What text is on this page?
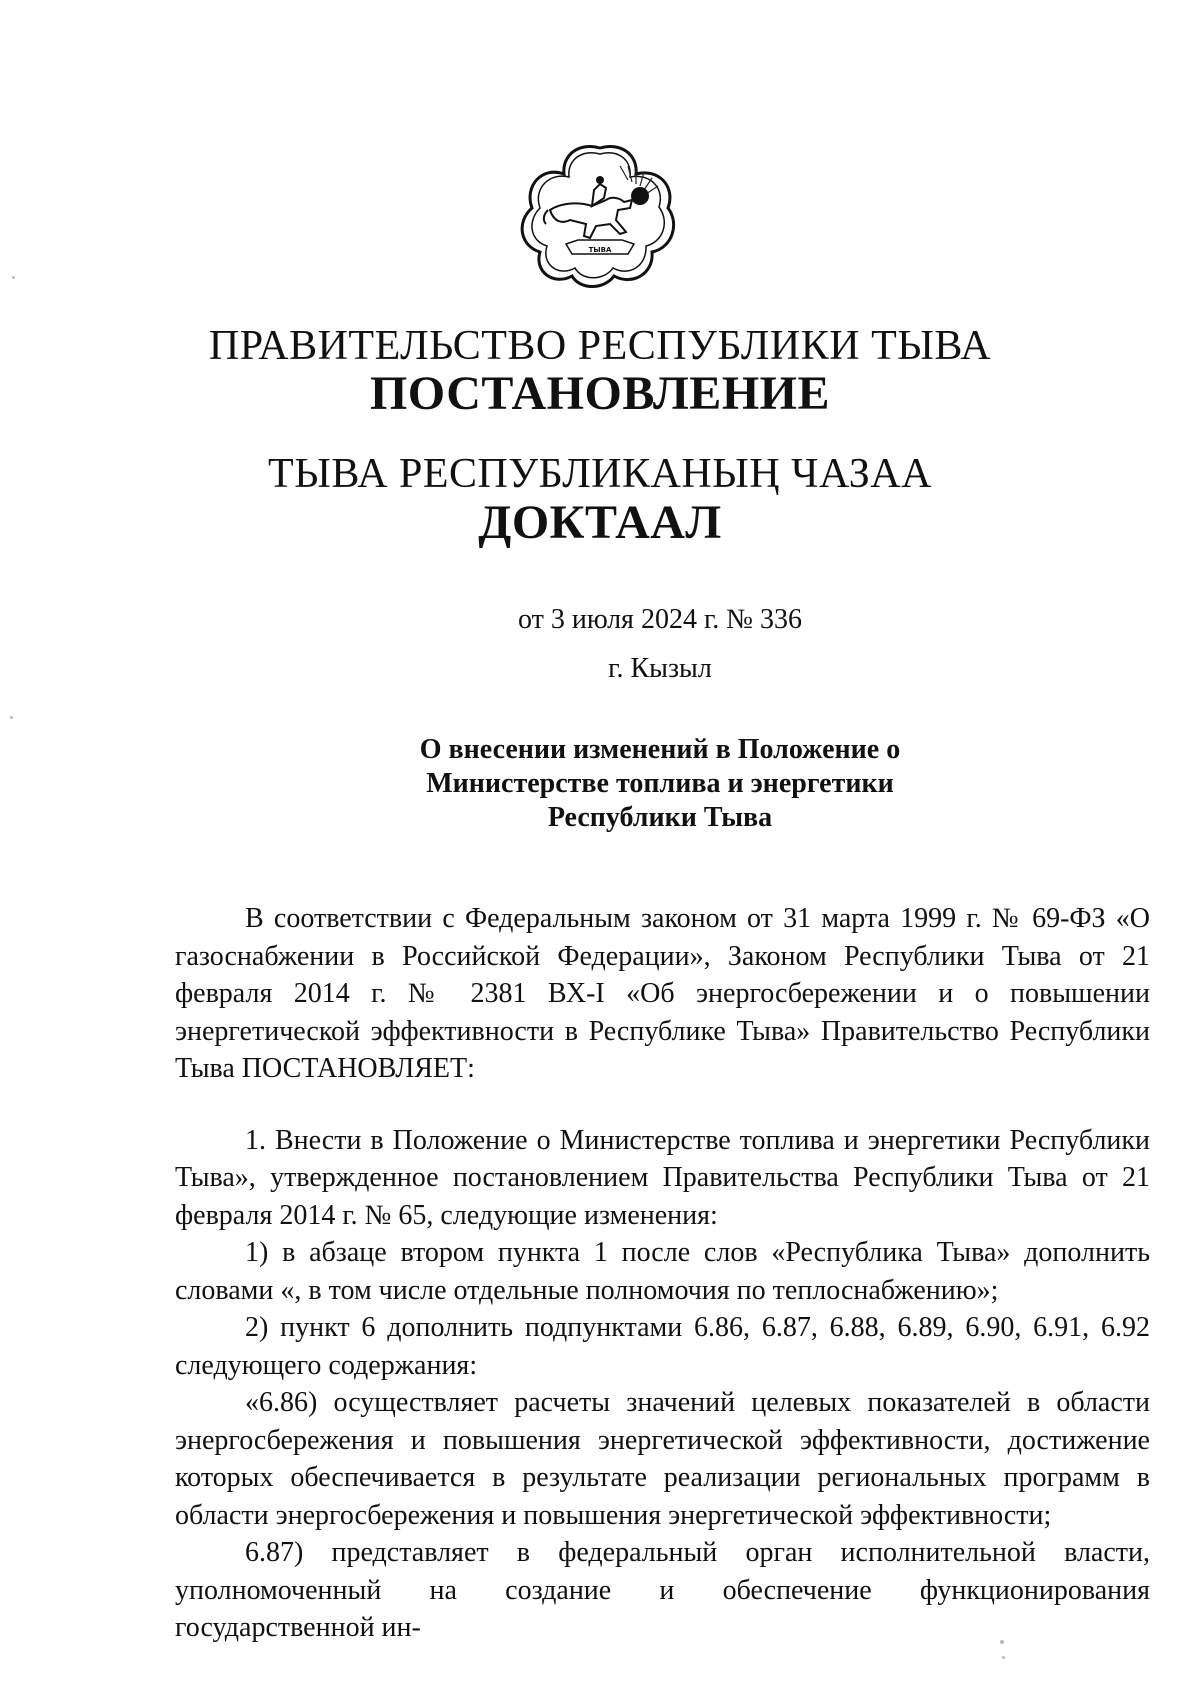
ТЫВА
ПРАВИТЕЛЬСТВО РЕСПУБЛИКИ ТЫВА
ПОСТАНОВЛЕНИЕ
ТЫВА РЕСПУБЛИКАНЫҢ ЧАЗАА
ДОКТААЛ
от 3 июля 2024 г. № 336
г. Кызыл
О внесении изменений в Положение о
Министерстве топлива и энергетики
Республики Тыва

В соответствии с Федеральным законом от 31 марта 1999 г. № 69-ФЗ «О газоснабжении в Российской Федерации», Законом Республики Тыва от 21 февраля 2014 г. № 2381 ВХ-I «Об энергосбережении и о повышении энергетической эффективности в Республике Тыва» Правительство Республики Тыва ПОСТАНОВЛЯЕТ:

1. Внести в Положение о Министерстве топлива и энергетики Республики Тыва», утвержденное постановлением Правительства Республики Тыва от 21 февраля 2014 г. № 65, следующие изменения:

1) в абзаце втором пункта 1 после слов «Республика Тыва» дополнить словами «, в том числе отдельные полномочия по теплоснабжению»;

2) пункт 6 дополнить подпунктами 6.86, 6.87, 6.88, 6.89, 6.90, 6.91, 6.92 следующего содержания:

«6.86) осуществляет расчеты значений целевых показателей в области энергосбережения и повышения энергетической эффективности, достижение которых обеспечивается в результате реализации региональных программ в области энергосбережения и повышения энергетической эффективности;

6.87) представляет в федеральный орган исполнительной власти, уполномоченный на создание и обеспечение функционирования государственной ин-
